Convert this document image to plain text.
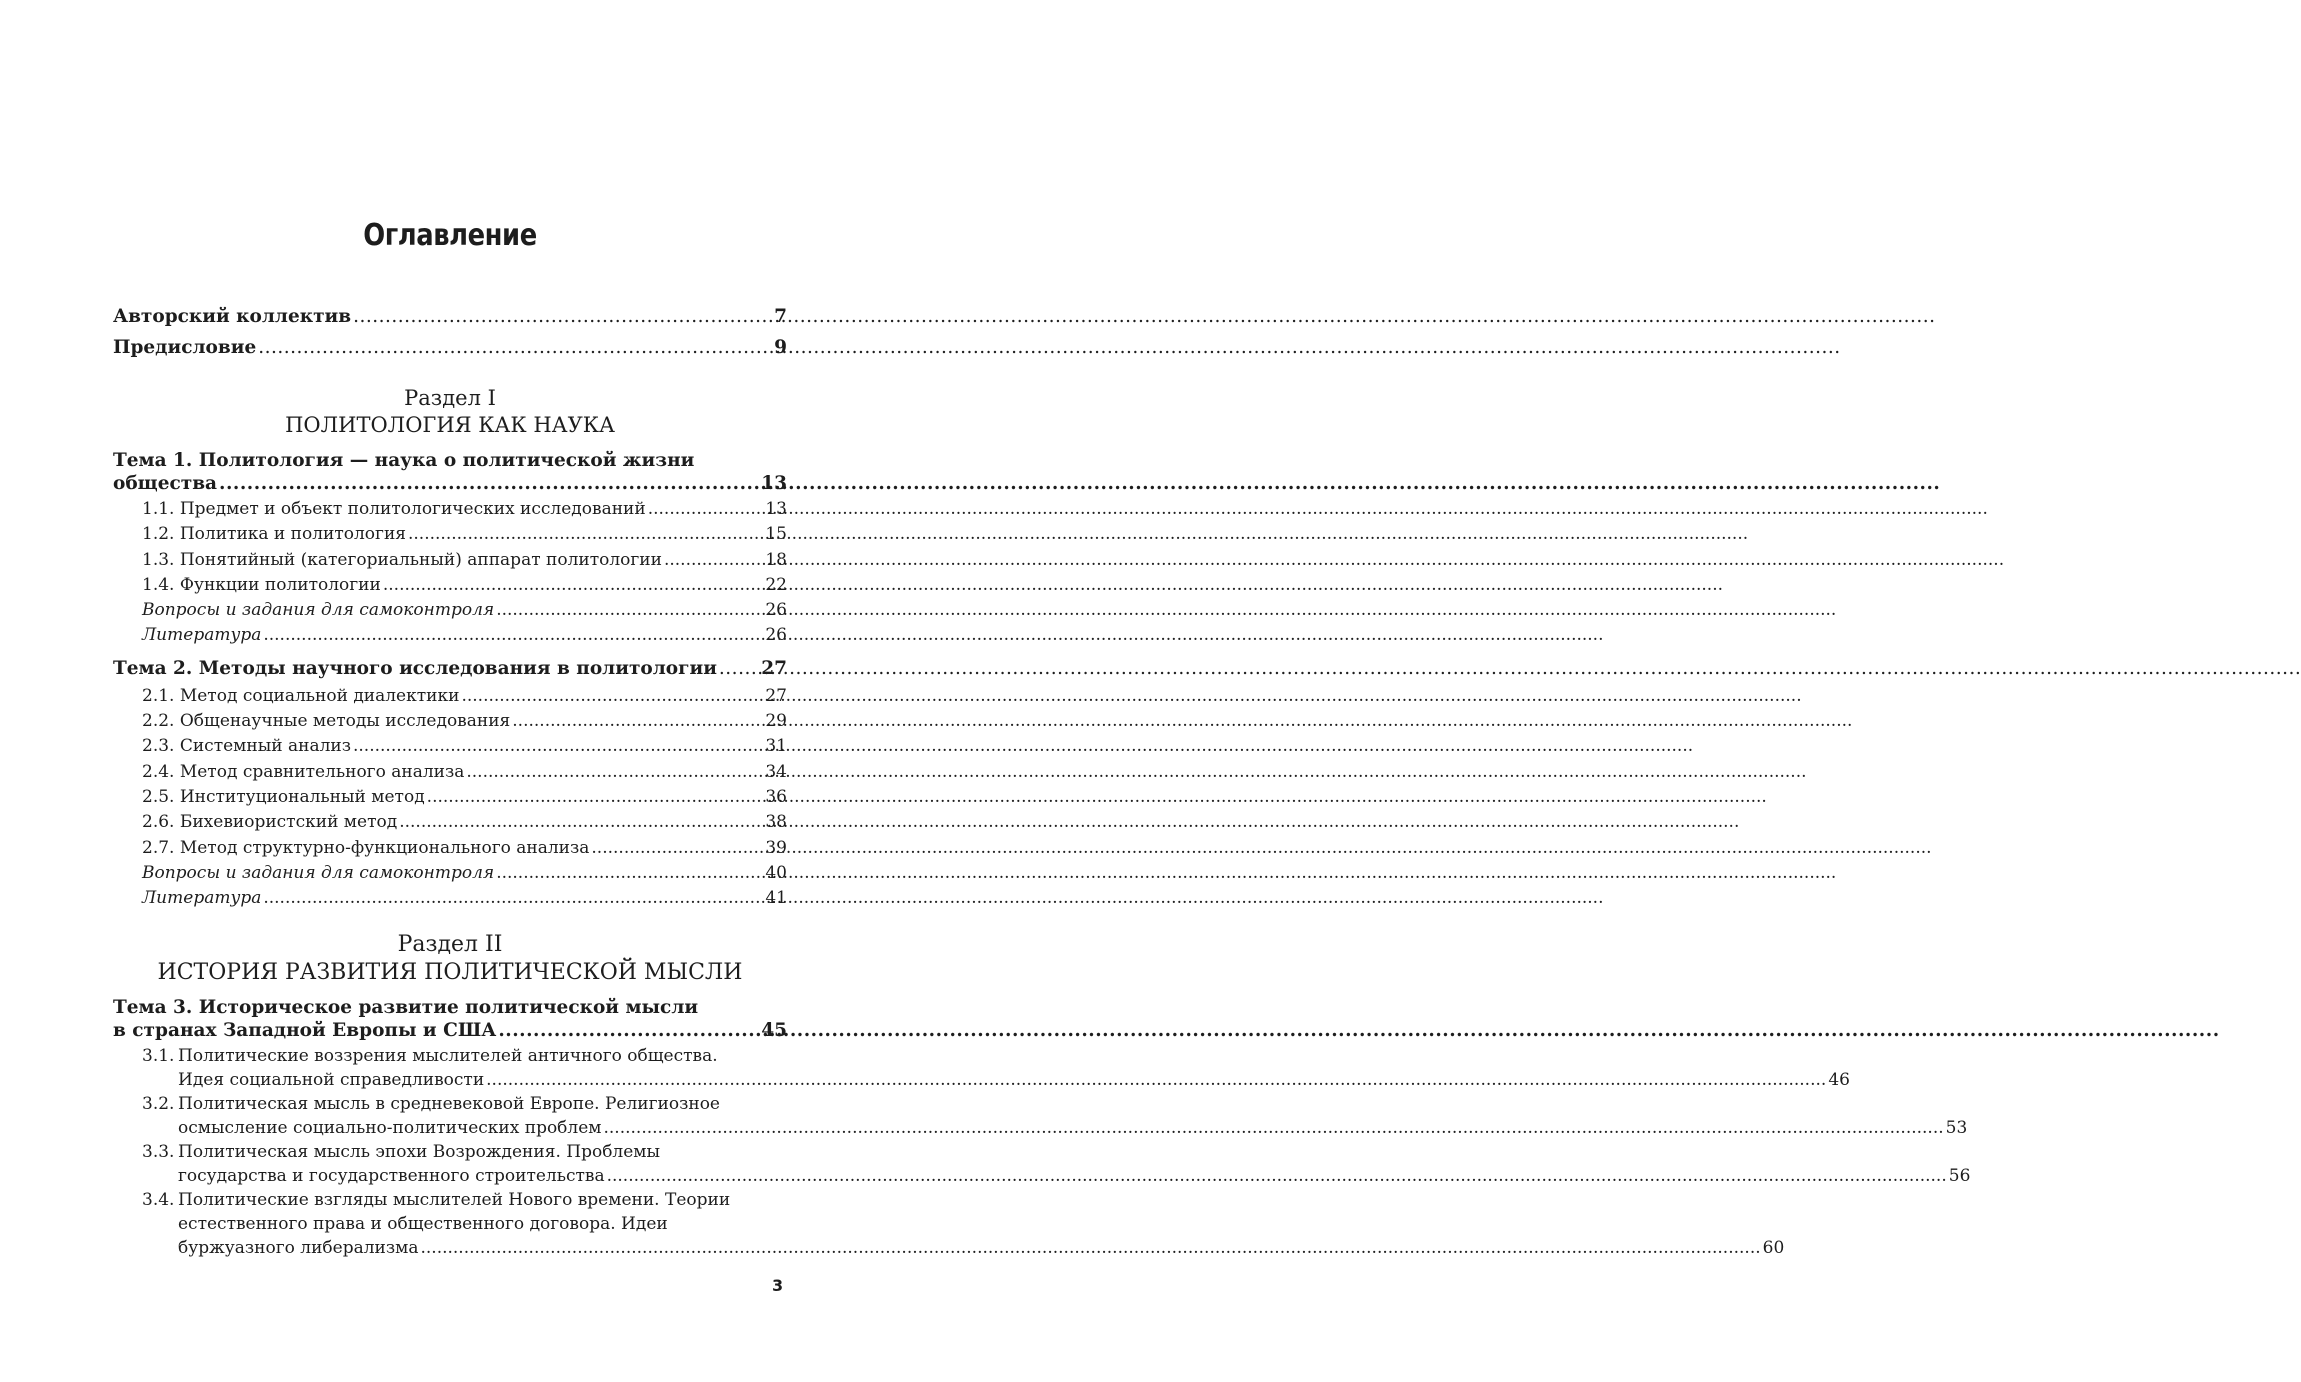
Оглавление
Авторский коллектив .....	7
Предисловие .....	9
Раздел I
ПОЛИТОЛОГИЯ КАК НАУКА
Тема 1. Политология — наука о политической жизни
общества .....	13
1.1. Предмет и объект политологических исследований .....	13
1.2. Политика и политология .....	15
1.3. Понятийный (категориальный) аппарат политологии .....	18
1.4. Функции политологии .....	22
Вопросы и задания для самоконтроля .....	26
Литература .....	26
Тема 2. Методы научного исследования в политологии ..... 27
2.1. Метод социальной диалектики .....	27
2.2. Общенаучные методы исследования .....	29
2.3. Системный анализ .....	31
2.4. Метод сравнительного анализа .....	34
2.5. Институциональный метод .....	36
2.6. Бихевиористский метод .....	38
2.7. Метод структурно-функционального анализа .....	39
Вопросы и задания для самоконтроля .....	40
Литература .....	41
Раздел II
ИСТОРИЯ РАЗВИТИЯ ПОЛИТИЧЕСКОЙ МЫСЛИ
Тема 3. Историческое развитие политической мысли
в странах Западной Европы и США .....	45
3.1. Политические воззрения мыслителей античного общества.
Идея социальной справедливости .....	46
3.2. Политическая мысль в средневековой Европе. Религиозное
осмысление социально-политических проблем .....	53
3.3. Политическая мысль эпохи Возрождения. Проблемы
государства и государственного строительства .....	56
3.4. Политические взгляды мыслителей Нового времени. Теории
естественного права и общественного договора. Идеи
буржуазного либерализма .....	60
3
